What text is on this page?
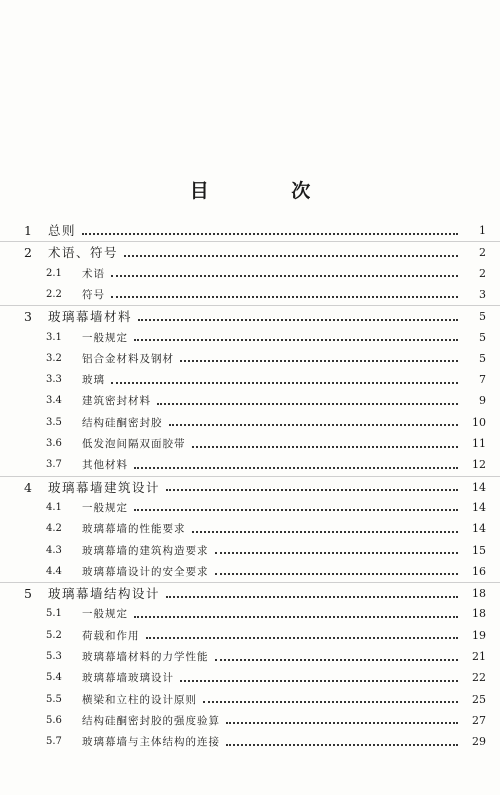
目 次
1	总则	1
2	术语、符号	2
2.1	术语	2
2.2	符号	3
3	玻璃幕墙材料	5
3.1	一般规定	5
3.2	铝合金材料及钢材	5
3.3	玻璃	7
3.4	建筑密封材料	9
3.5	结构硅酮密封胶	10
3.6	低发泡间隔双面胶带	11
3.7	其他材料	12
4	玻璃幕墙建筑设计	14
4.1	一般规定	14
4.2	玻璃幕墙的性能要求	14
4.3	玻璃幕墙的建筑构造要求	15
4.4	玻璃幕墙设计的安全要求	16
5	玻璃幕墙结构设计	18
5.1	一般规定	18
5.2	荷载和作用	19
5.3	玻璃幕墙材料的力学性能	21
5.4	玻璃幕墙玻璃设计	22
5.5	横梁和立柱的设计原则	25
5.6	结构硅酮密封胶的强度验算	27
5.7	玻璃幕墙与主体结构的连接	29
